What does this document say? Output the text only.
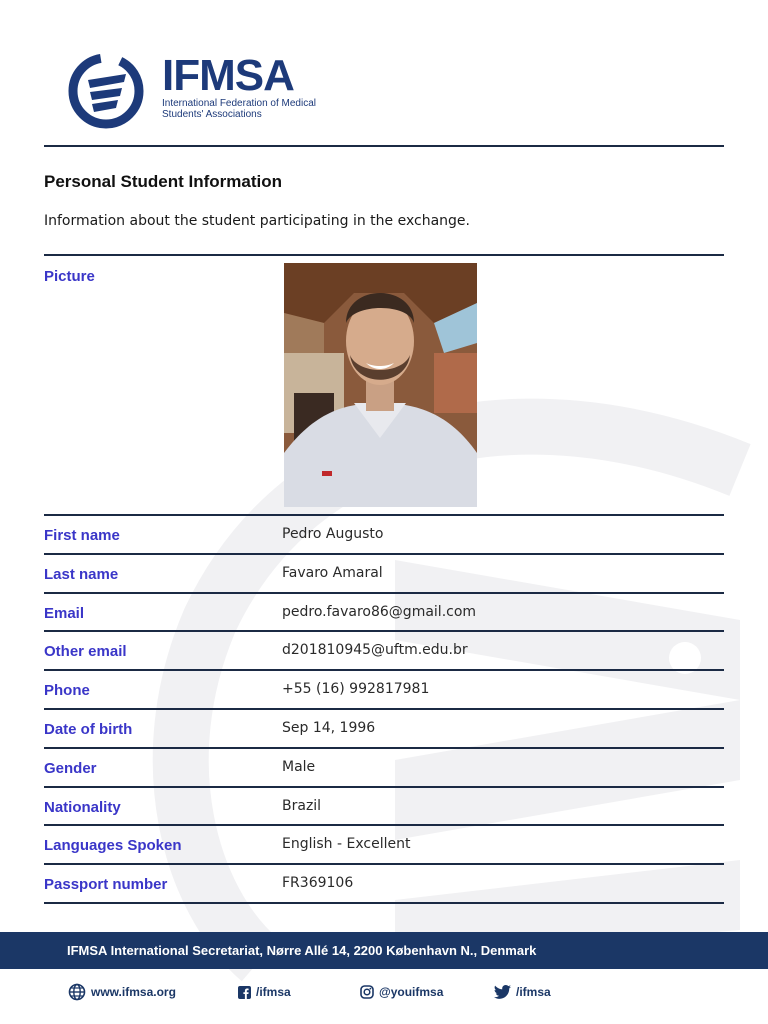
IFMSA
International Federation of Medical Students' Associations
Personal Student Information
Information about the student participating in the exchange.
Picture
First name	Pedro Augusto
Last name	Favaro Amaral
Email	pedro.favaro86@gmail.com
Other email	d201810945@uftm.edu.br
Phone	+55 (16) 992817981
Date of birth	Sep 14, 1996
Gender	Male
Nationality	Brazil
Languages Spoken	English - Excellent
Passport number	FR369106
IFMSA International Secretariat, Nørre Allé 14, 2200 København N., Denmark
www.ifmsa.org	/ifmsa	@youifmsa	/ifmsa
